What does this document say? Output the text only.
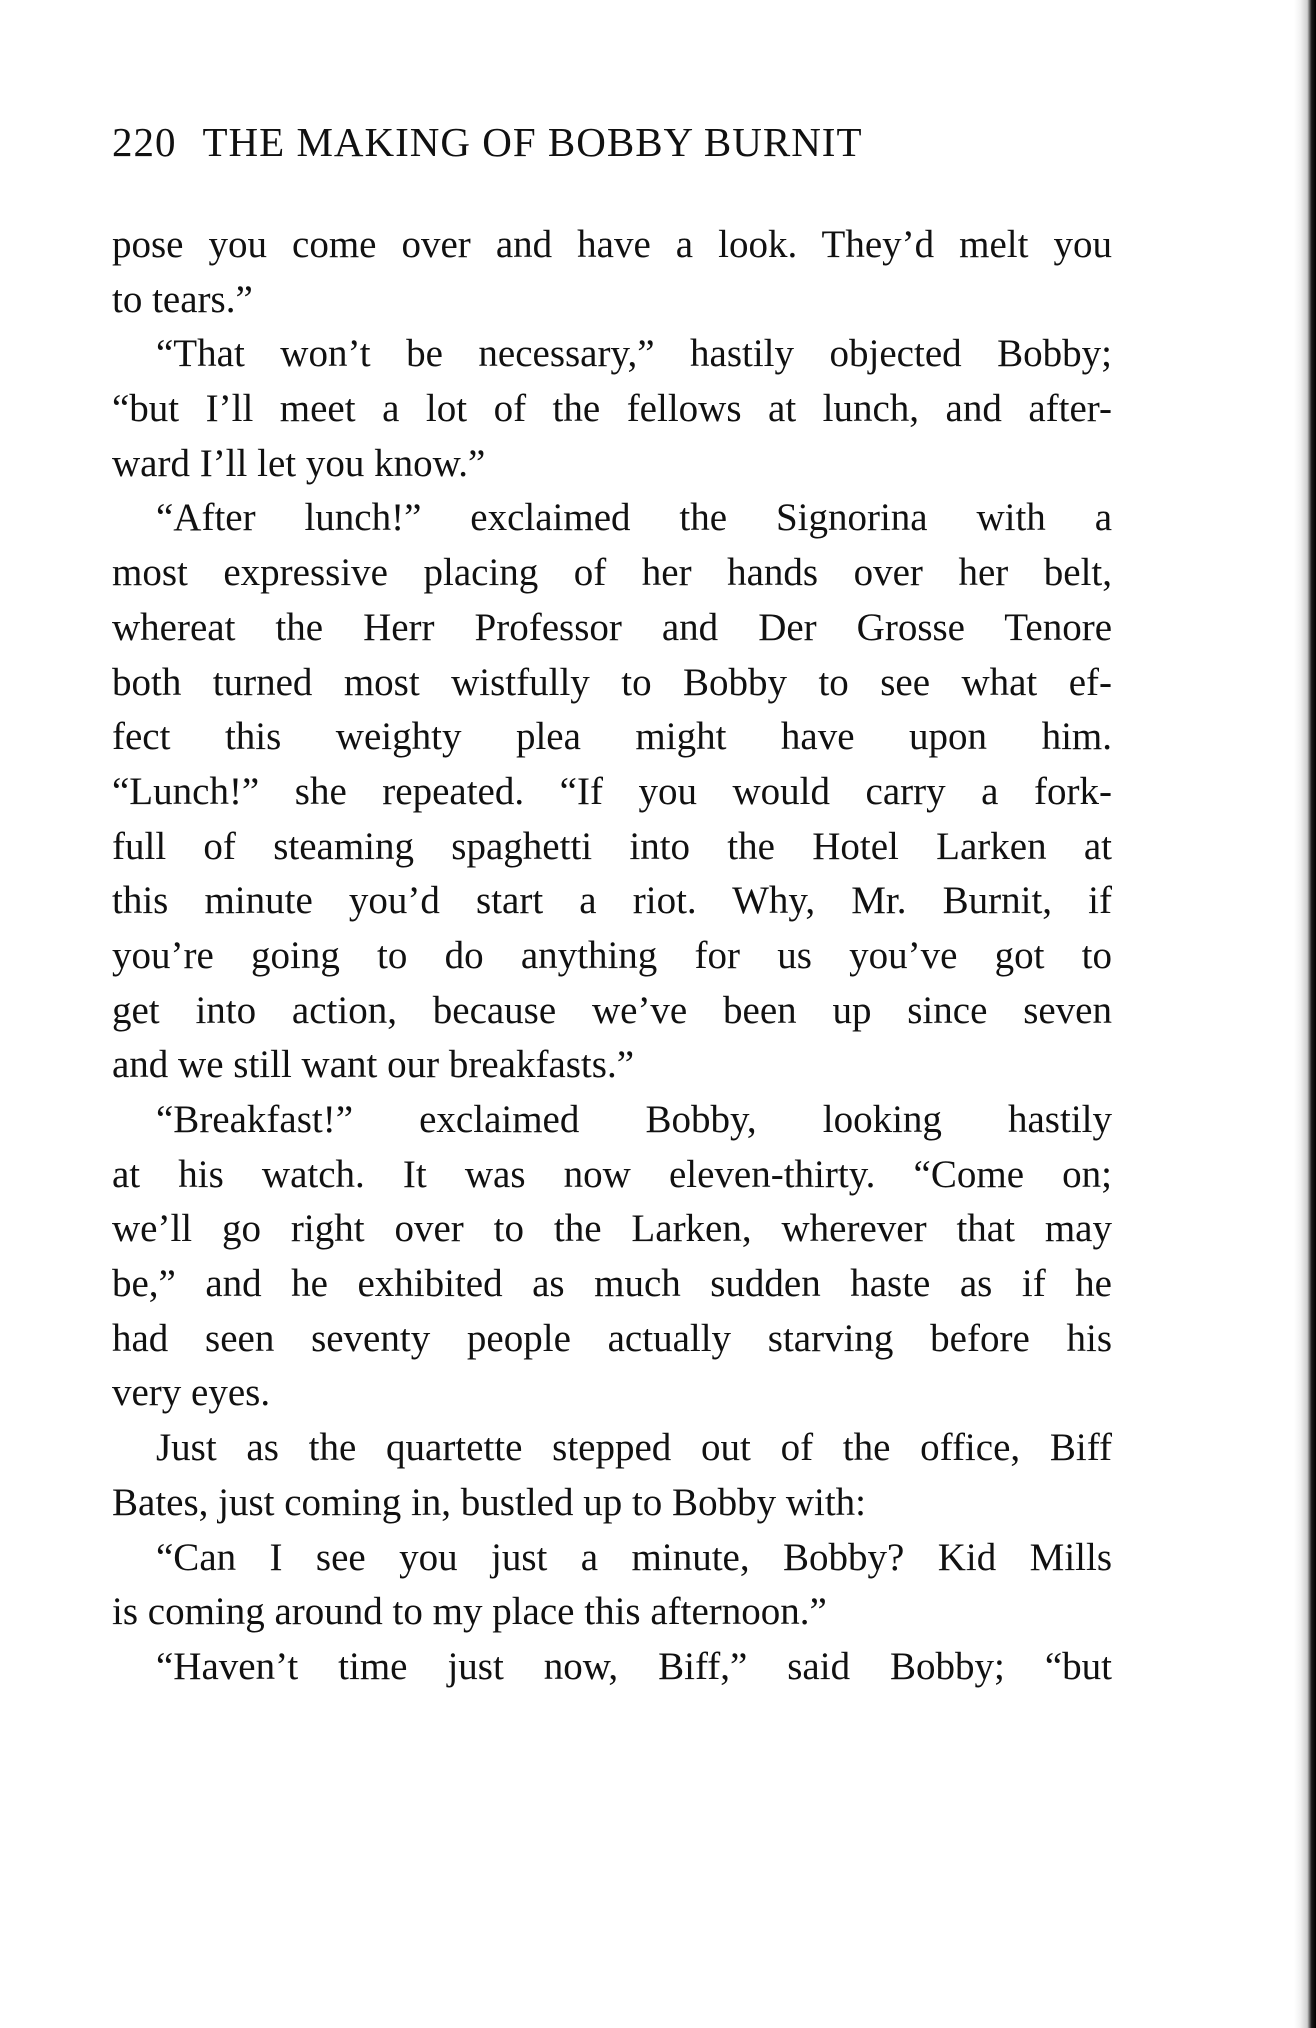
220 THE MAKING OF BOBBY BURNIT
pose you come over and have a look. They’d melt you
to tears.”
“That won’t be necessary,” hastily objected Bobby;
“but I’ll meet a lot of the fellows at lunch, and after-
ward I’ll let you know.”
“After lunch!” exclaimed the Signorina with a
most expressive placing of her hands over her belt,
whereat the Herr Professor and Der Grosse Tenore
both turned most wistfully to Bobby to see what ef-
fect this weighty plea might have upon him.
“Lunch!” she repeated. “If you would carry a fork-
full of steaming spaghetti into the Hotel Larken at
this minute you’d start a riot. Why, Mr. Burnit, if
you’re going to do anything for us you’ve got to
get into action, because we’ve been up since seven
and we still want our breakfasts.”
“Breakfast!” exclaimed Bobby, looking hastily
at his watch. It was now eleven-thirty. “Come on;
we’ll go right over to the Larken, wherever that may
be,” and he exhibited as much sudden haste as if he
had seen seventy people actually starving before his
very eyes.
Just as the quartette stepped out of the office, Biff
Bates, just coming in, bustled up to Bobby with:
“Can I see you just a minute, Bobby? Kid Mills
is coming around to my place this afternoon.”
“Haven’t time just now, Biff,” said Bobby; “but
